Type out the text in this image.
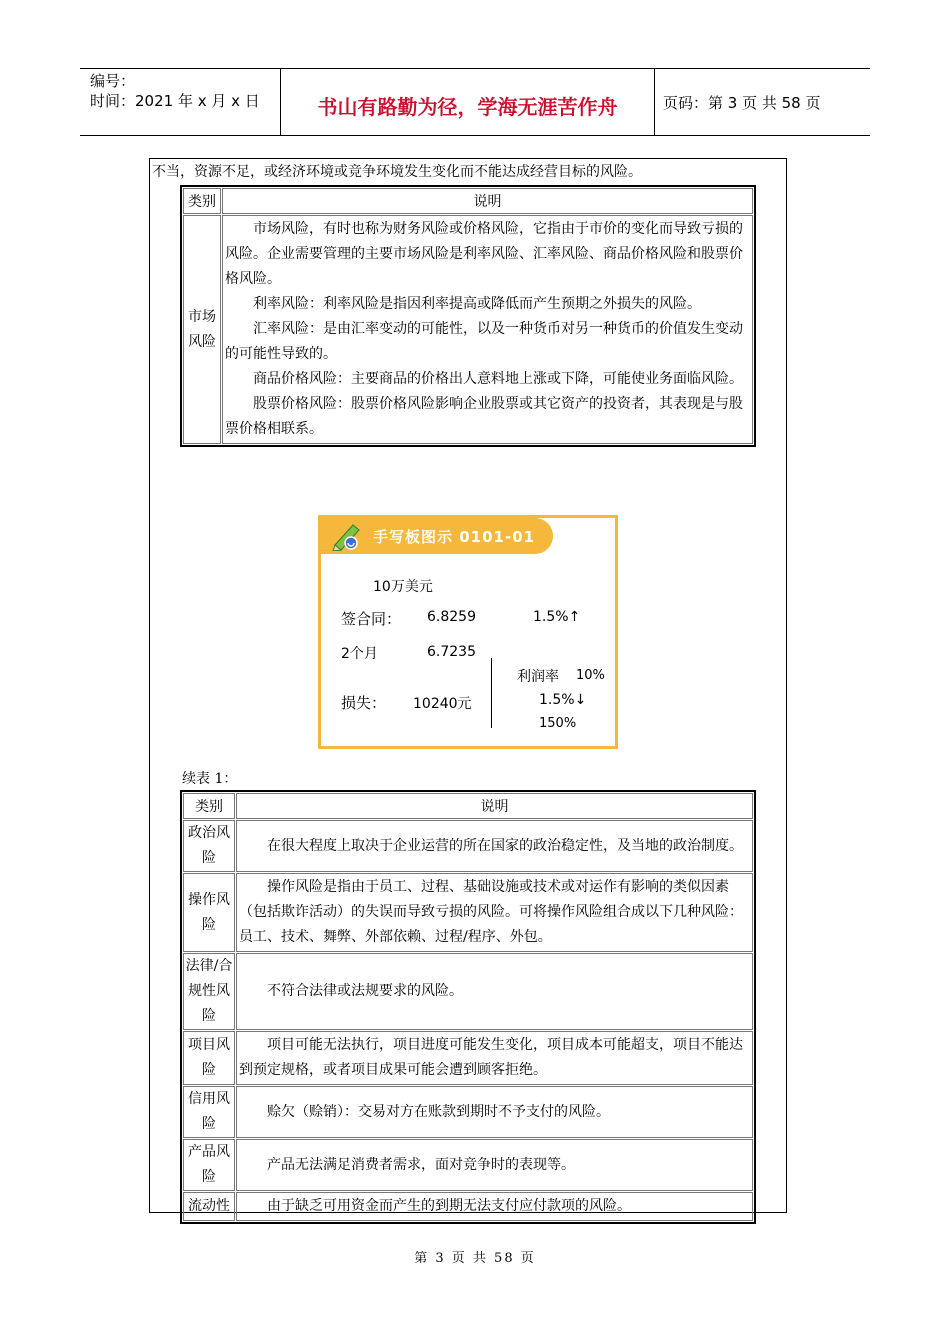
编号：
时间：2021 年 x 月 x 日	书山有路勤为径，学海无涯苦作舟	页码：第 3 页 共 58 页
不当，资源不足，或经济环境或竞争环境发生变化而不能达成经营目标的风险。
类别	说明
市场风险	市场风险，有时也称为财务风险或价格风险，它指由于市价的变化而导致亏损的风险。企业需要管理的主要市场风险是利率风险、汇率风险、商品价格风险和股票价格风险。

利率风险：利率风险是指因利率提高或降低而产生预期之外损失的风险。

汇率风险：是由汇率变动的可能性，以及一种货币对另一种货币的价值发生变动的可能性导致的。

商品价格风险：主要商品的价格出人意料地上涨或下降，可能使业务面临风险。

股票价格风险：股票价格风险影响企业股票或其它资产的投资者，其表现是与股票价格相联系。

手写板图示 0101-01
10万美元
签合同： 6.8259	1.5%↑
2个月	6.7235
利润率 10%
损失： 10240元	1.5%↓
150%
续表 1：
类别	说明
政治风险	在很大程度上取决于企业运营的所在国家的政治稳定性，及当地的政治制度。

操作风险	操作风险是指由于员工、过程、基础设施或技术或对运作有影响的类似因素（包括欺诈活动）的失误而导致亏损的风险。可将操作风险组合成以下几种风险：员工、技术、舞弊、外部依赖、过程/程序、外包。

法律/合规性风险	不符合法律或法规要求的风险。

项目风险	项目可能无法执行，项目进度可能发生变化，项目成本可能超支，项目不能达到预定规格，或者项目成果可能会遭到顾客拒绝。

信用风险	赊欠（赊销）：交易对方在账款到期时不予支付的风险。

产品风险	产品无法满足消费者需求，面对竞争时的表现等。

流动性	由于缺乏可用资金而产生的到期无法支付应付款项的风险。

第 3 页 共 58 页
